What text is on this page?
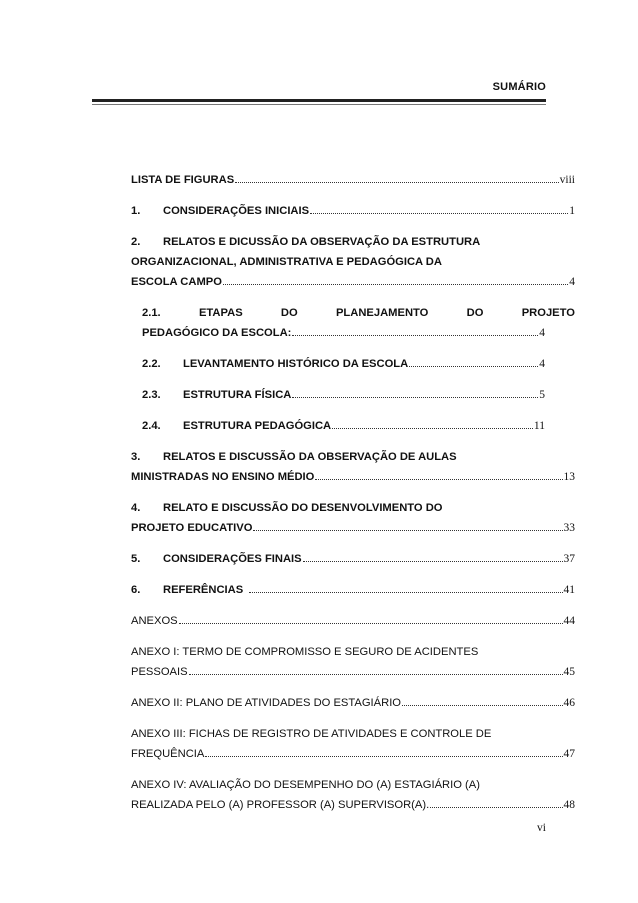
SUMÁRIO
LISTA DE FIGURAS	viii
1.	CONSIDERAÇÕES INICIAIS	1
2. RELATOS E DICUSSÃO DA OBSERVAÇÃO DA ESTRUTURA
ORGANIZACIONAL, ADMINISTRATIVA E PEDAGÓGICA DA
ESCOLA CAMPO	4
2.1.	ETAPAS	DO	PLANEJAMENTO	DO	PROJETO
PEDAGÓGICO DA ESCOLA:	4
2.2.	LEVANTAMENTO HISTÓRICO DA ESCOLA	4
2.3.	ESTRUTURA FÍSICA	5
2.4.	ESTRUTURA PEDAGÓGICA	11
3. RELATOS E DISCUSSÃO DA OBSERVAÇÃO DE AULAS
MINISTRADAS NO ENSINO MÉDIO	13
4. RELATO E DISCUSSÃO DO DESENVOLVIMENTO DO
PROJETO EDUCATIVO	33
5.	CONSIDERAÇÕES FINAIS	37
6.	REFERÊNCIAS	41
ANEXOS	44
ANEXO I: TERMO DE COMPROMISSO E SEGURO DE ACIDENTES
PESSOAIS	45
ANEXO II: PLANO DE ATIVIDADES DO ESTAGIÁRIO	46
ANEXO III: FICHAS DE REGISTRO DE ATIVIDADES E CONTROLE DE
FREQUÊNCIA	47
ANEXO IV: AVALIAÇÃO DO DESEMPENHO DO (A) ESTAGIÁRIO (A)
REALIZADA PELO (A) PROFESSOR (A) SUPERVISOR(A).	48
vi
